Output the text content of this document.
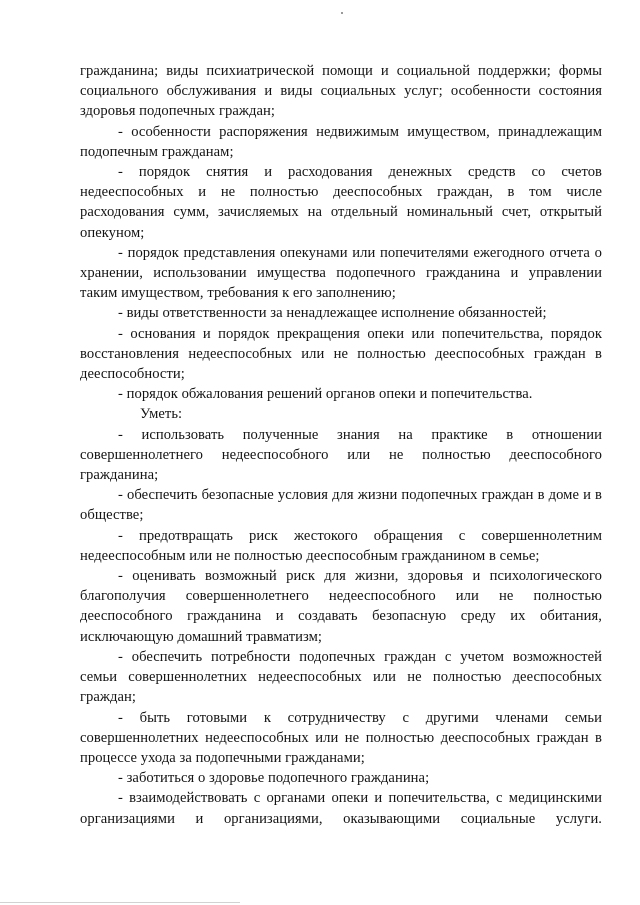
гражданина; виды психиатрической помощи и социальной поддержки; формы социального обслуживания и виды социальных услуг; особенности состояния здоровья подопечных граждан;

- особенности распоряжения недвижимым имуществом, принадлежащим подопечным гражданам;

- порядок снятия и расходования денежных средств со счетов недееспособных и не полностью дееспособных граждан, в том числе расходования сумм, зачисляемых на отдельный номинальный счет, открытый опекуном;

- порядок представления опекунами или попечителями ежегодного отчета о хранении, использовании имущества подопечного гражданина и управлении таким имуществом, требования к его заполнению;

- виды ответственности за ненадлежащее исполнение обязанностей;

- основания и порядок прекращения опеки или попечительства, порядок восстановления недееспособных или не полностью дееспособных граждан в дееспособности;

- порядок обжалования решений органов опеки и попечительства.

Уметь:

- использовать полученные знания на практике в отношении совершеннолетнего недееспособного или не полностью дееспособного гражданина;

- обеспечить безопасные условия для жизни подопечных граждан в доме и в обществе;

- предотвращать риск жестокого обращения с совершеннолетним недееспособным или не полностью дееспособным гражданином в семье;

- оценивать возможный риск для жизни, здоровья и психологического благополучия совершеннолетнего недееспособного или не полностью дееспособного гражданина и создавать безопасную среду их обитания, исключающую домашний травматизм;

- обеспечить потребности подопечных граждан с учетом возможностей семьи совершеннолетних недееспособных или не полностью дееспособных граждан;

- быть готовыми к сотрудничеству с другими членами семьи совершеннолетних недееспособных или не полностью дееспособных граждан в процессе ухода за подопечными гражданами;

- заботиться о здоровье подопечного гражданина;

- взаимодействовать с органами опеки и попечительства, с медицинскими организациями и организациями, оказывающими социальные услуги.
